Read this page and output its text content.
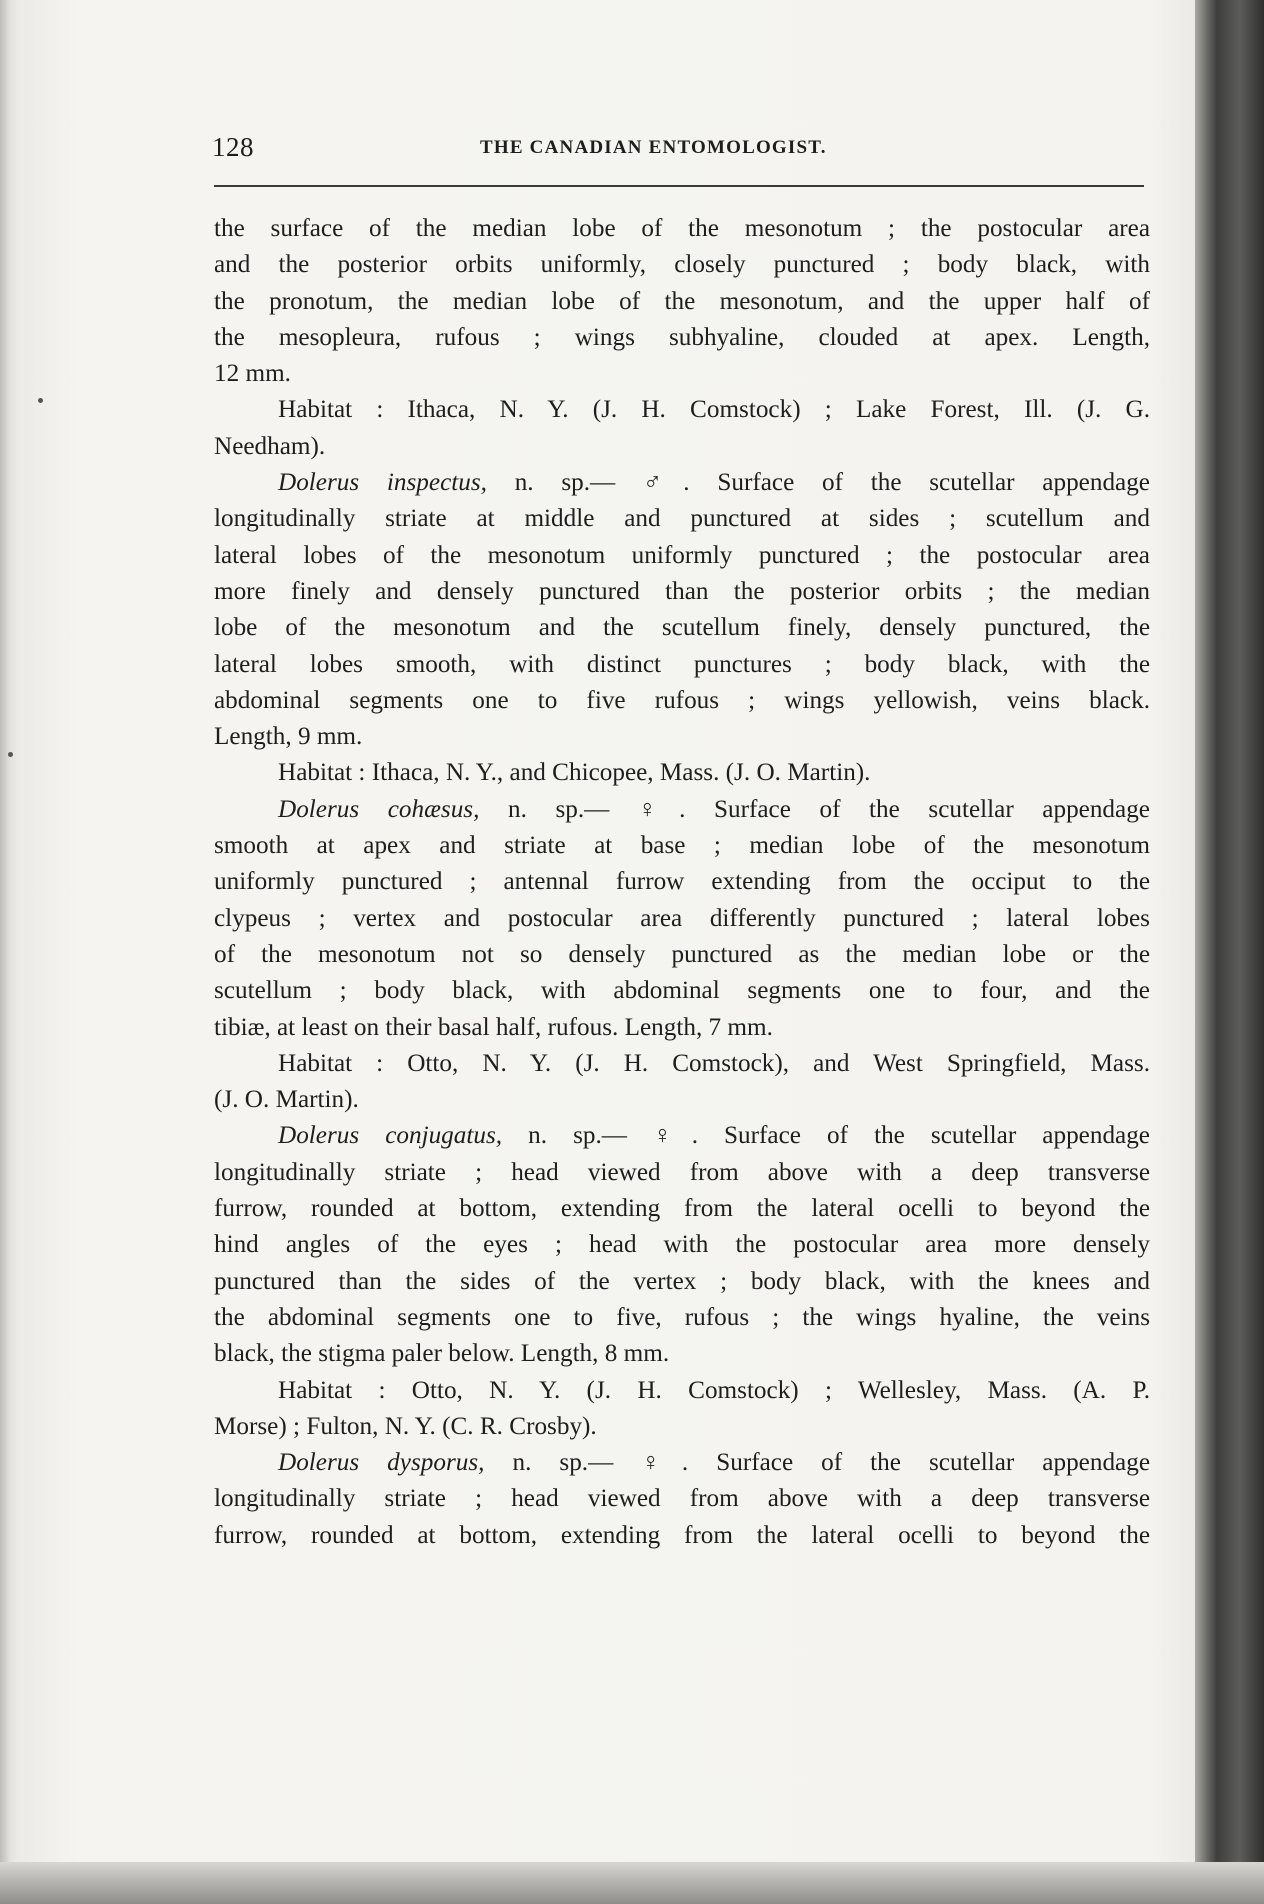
128	THE CANADIAN ENTOMOLOGIST.
the surface of the median lobe of the mesonotum ; the postocular area
and the posterior orbits uniformly, closely punctured ; body black, with
the pronotum, the median lobe of the mesonotum, and the upper half of
the mesopleura, rufous ; wings subhyaline, clouded at apex. Length,
12 mm.
Habitat : Ithaca, N. Y. (J. H. Comstock) ; Lake Forest, Ill. (J. G.
Needham).
Dolerus inspectus, n. sp.— ♂. Surface of the scutellar appendage
longitudinally striate at middle and punctured at sides ; scutellum and
lateral lobes of the mesonotum uniformly punctured ; the postocular area
more finely and densely punctured than the posterior orbits ; the median
lobe of the mesonotum and the scutellum finely, densely punctured, the
lateral lobes smooth, with distinct punctures ; body black, with the
abdominal segments one to five rufous ; wings yellowish, veins black.
Length, 9 mm.
Habitat : Ithaca, N. Y., and Chicopee, Mass. (J. O. Martin).
Dolerus cohæsus, n. sp.— ♀. Surface of the scutellar appendage
smooth at apex and striate at base ; median lobe of the mesonotum
uniformly punctured ; antennal furrow extending from the occiput to the
clypeus ; vertex and postocular area differently punctured ; lateral lobes
of the mesonotum not so densely punctured as the median lobe or the
scutellum ; body black, with abdominal segments one to four, and the
tibiæ, at least on their basal half, rufous. Length, 7 mm.
Habitat : Otto, N. Y. (J. H. Comstock), and West Springfield, Mass.
(J. O. Martin).
Dolerus conjugatus, n. sp.— ♀. Surface of the scutellar appendage
longitudinally striate ; head viewed from above with a deep transverse
furrow, rounded at bottom, extending from the lateral ocelli to beyond the
hind angles of the eyes ; head with the postocular area more densely
punctured than the sides of the vertex ; body black, with the knees and
the abdominal segments one to five, rufous ; the wings hyaline, the veins
black, the stigma paler below. Length, 8 mm.
Habitat : Otto, N. Y. (J. H. Comstock) ; Wellesley, Mass. (A. P.
Morse) ; Fulton, N. Y. (C. R. Crosby).
Dolerus dysporus, n. sp.— ♀. Surface of the scutellar appendage
longitudinally striate ; head viewed from above with a deep transverse
furrow, rounded at bottom, extending from the lateral ocelli to beyond the
